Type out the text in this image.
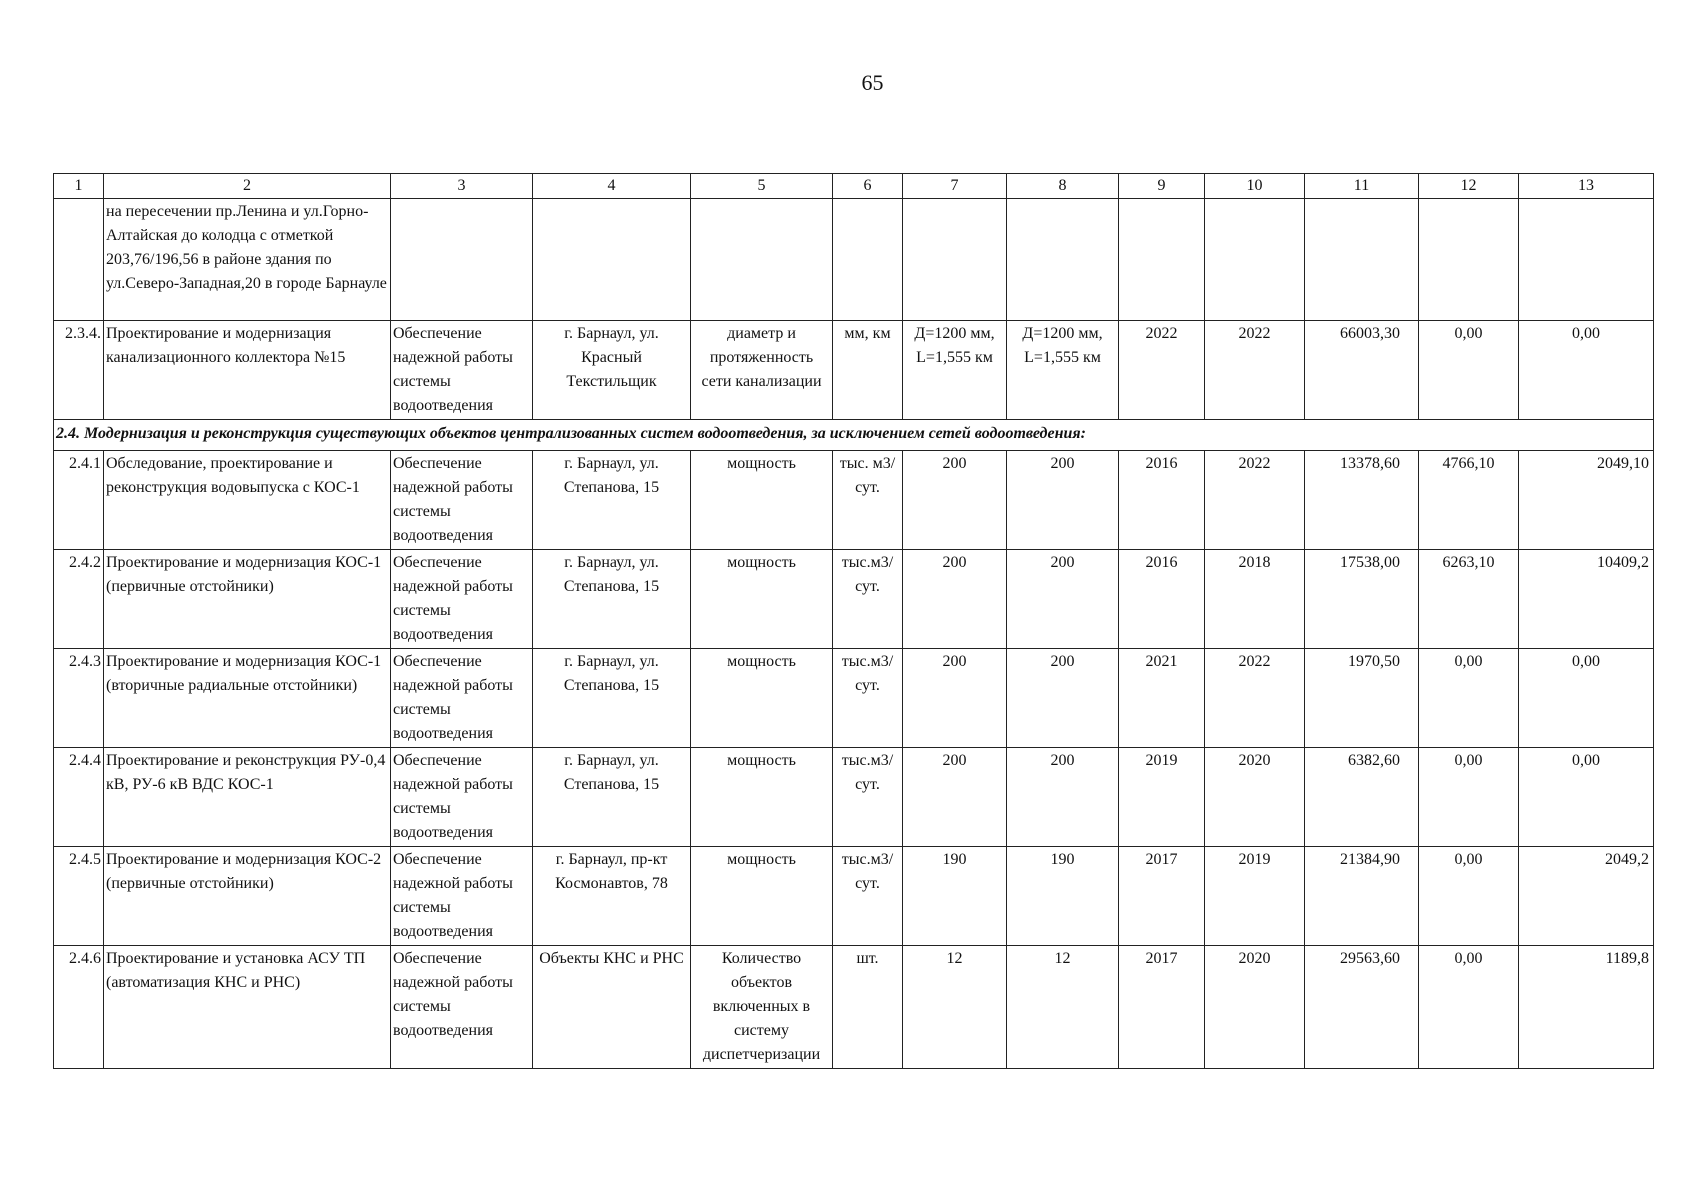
65
1	2	3	4	5	6	7	8	9	10	11	12	13
	на пересечении пр.Ленина и ул.Горно-Алтайская до колодца с отметкой 203,76/196,56 в районе здания по ул.Северо-Западная,20 в городе Барнауле											
2.3.4.	Проектирование и модернизация канализационного коллектора №15	Обеспечение надежной работы системы водоотведения	г. Барнаул, ул. Красный Текстильщик	диаметр и протяженность сети канализации	мм, км	Д=1200 мм, L=1,555 км	Д=1200 мм, L=1,555 км	2022	2022	66003,30	0,00	0,00
2.4. Модернизация и реконструкция существующих объектов централизованных систем водоотведения, за исключением сетей водоотведения:												
2.4.1	Обследование, проектирование и реконструкция водовыпуска с КОС-1	Обеспечение надежной работы системы водоотведения	г. Барнаул, ул. Степанова, 15	мощность	тыс. м3/сут.	200	200	2016	2022	13378,60	4766,10	2049,10
2.4.2	Проектирование и модернизация КОС-1 (первичные отстойники)	Обеспечение надежной работы системы водоотведения	г. Барнаул, ул. Степанова, 15	мощность	тыс.м3/сут.	200	200	2016	2018	17538,00	6263,10	10409,2
2.4.3	Проектирование и модернизация КОС-1 (вторичные радиальные отстойники)	Обеспечение надежной работы системы водоотведения	г. Барнаул, ул. Степанова, 15	мощность	тыс.м3/сут.	200	200	2021	2022	1970,50	0,00	0,00
2.4.4	Проектирование и реконструкция РУ-0,4 кВ, РУ-6 кВ ВДС КОС-1	Обеспечение надежной работы системы водоотведения	г. Барнаул, ул. Степанова, 15	мощность	тыс.м3/сут.	200	200	2019	2020	6382,60	0,00	0,00
2.4.5	Проектирование и модернизация КОС-2 (первичные отстойники)	Обеспечение надежной работы системы водоотведения	г. Барнаул, пр-кт Космонавтов, 78	мощность	тыс.м3/сут.	190	190	2017	2019	21384,90	0,00	2049,2
2.4.6	Проектирование и установка АСУ ТП (автоматизация КНС и РНС)	Обеспечение надежной работы системы водоотведения	Объекты КНС и РНС	Количество объектов включенных в систему диспетчеризации	шт.	12	12	2017	2020	29563,60	0,00	1189,8
